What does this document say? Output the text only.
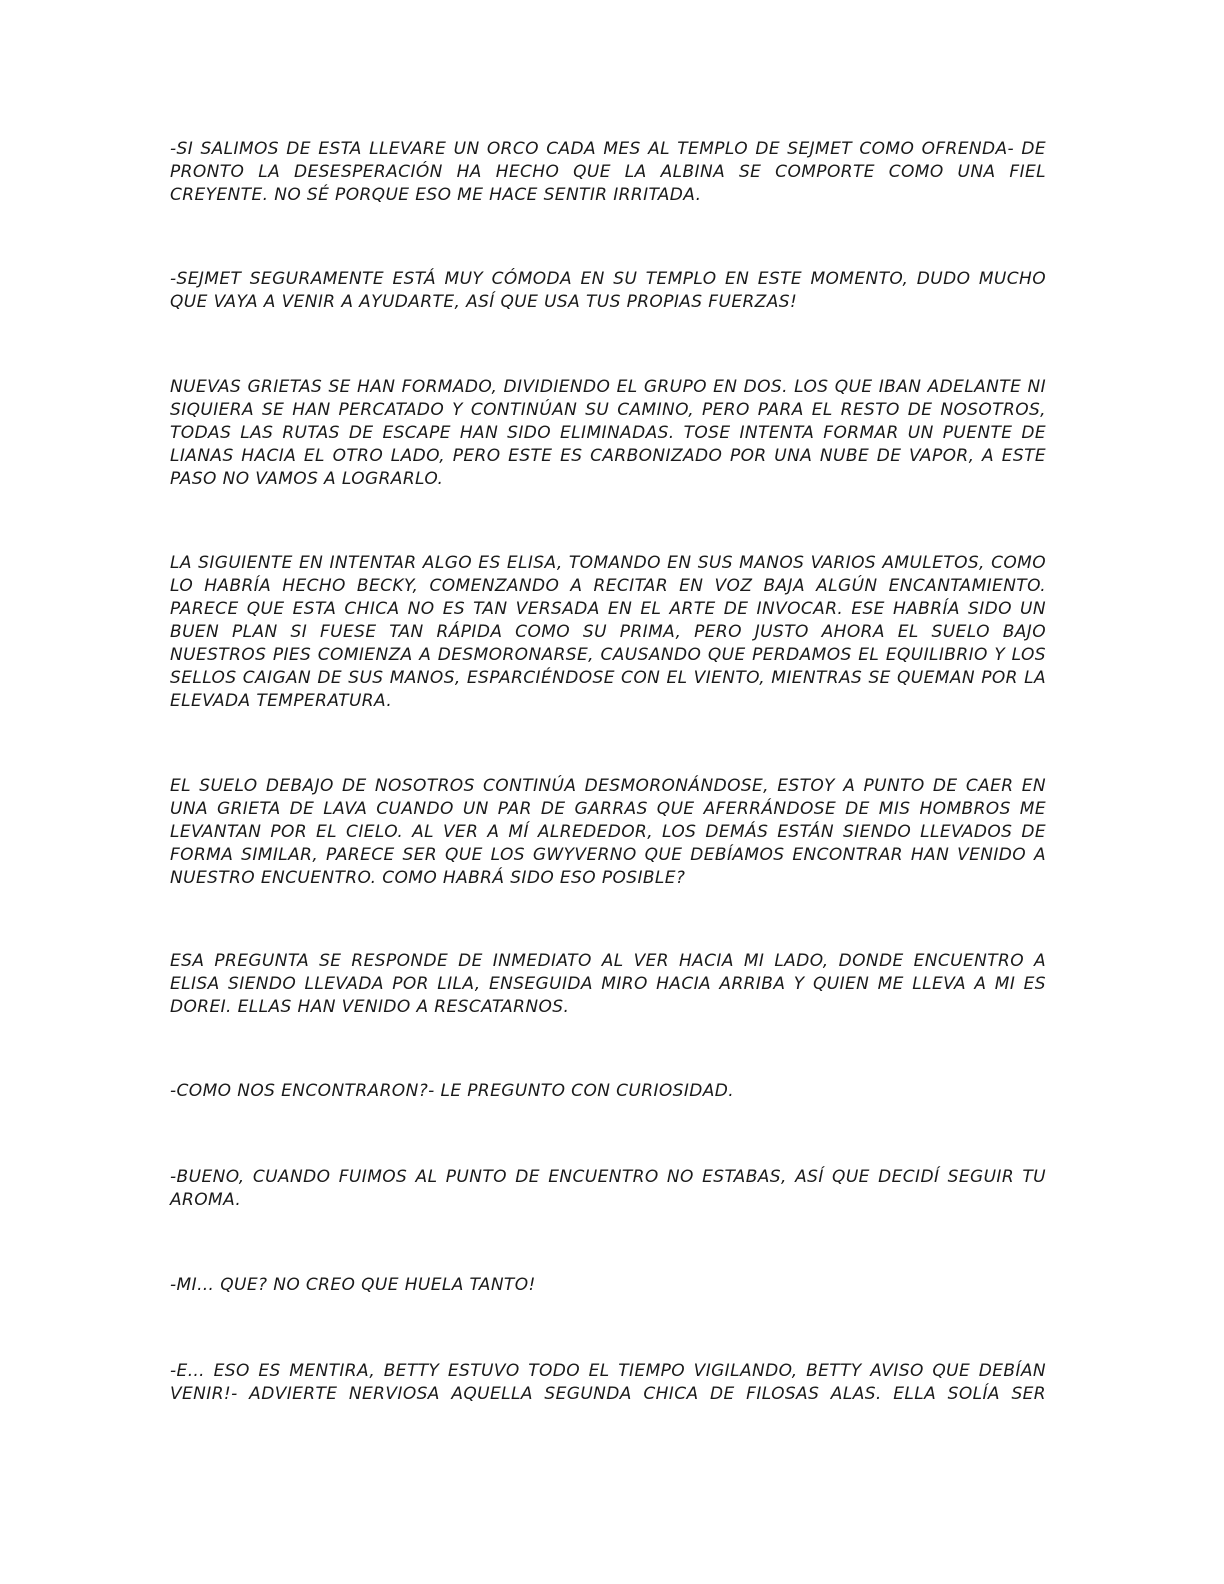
-SI SALIMOS DE ESTA LLEVARE UN ORCO CADA MES AL TEMPLO DE SEJMET COMO OFRENDA- DE PRONTO LA DESESPERACIÓN HA HECHO QUE LA ALBINA SE COMPORTE COMO UNA FIEL CREYENTE. NO SÉ PORQUE ESO ME HACE SENTIR IRRITADA.

-SEJMET SEGURAMENTE ESTÁ MUY CÓMODA EN SU TEMPLO EN ESTE MOMENTO, DUDO MUCHO QUE VAYA A VENIR A AYUDARTE, ASÍ QUE USA TUS PROPIAS FUERZAS!

NUEVAS GRIETAS SE HAN FORMADO, DIVIDIENDO EL GRUPO EN DOS. LOS QUE IBAN ADELANTE NI SIQUIERA SE HAN PERCATADO Y CONTINÚAN SU CAMINO, PERO PARA EL RESTO DE NOSOTROS, TODAS LAS RUTAS DE ESCAPE HAN SIDO ELIMINADAS. TOSE INTENTA FORMAR UN PUENTE DE LIANAS HACIA EL OTRO LADO, PERO ESTE ES CARBONIZADO POR UNA NUBE DE VAPOR, A ESTE PASO NO VAMOS A LOGRARLO.

LA SIGUIENTE EN INTENTAR ALGO ES ELISA, TOMANDO EN SUS MANOS VARIOS AMULETOS, COMO LO HABRÍA HECHO BECKY, COMENZANDO A RECITAR EN VOZ BAJA ALGÚN ENCANTAMIENTO. PARECE QUE ESTA CHICA NO ES TAN VERSADA EN EL ARTE DE INVOCAR. ESE HABRÍA SIDO UN BUEN PLAN SI FUESE TAN RÁPIDA COMO SU PRIMA, PERO JUSTO AHORA EL SUELO BAJO NUESTROS PIES COMIENZA A DESMORONARSE, CAUSANDO QUE PERDAMOS EL EQUILIBRIO Y LOS SELLOS CAIGAN DE SUS MANOS, ESPARCIÉNDOSE CON EL VIENTO, MIENTRAS SE QUEMAN POR LA ELEVADA TEMPERATURA.

EL SUELO DEBAJO DE NOSOTROS CONTINÚA DESMORONÁNDOSE, ESTOY A PUNTO DE CAER EN UNA GRIETA DE LAVA CUANDO UN PAR DE GARRAS QUE AFERRÁNDOSE DE MIS HOMBROS ME LEVANTAN POR EL CIELO. AL VER A MÍ ALREDEDOR, LOS DEMÁS ESTÁN SIENDO LLEVADOS DE FORMA SIMILAR, PARECE SER QUE LOS GWYVERNO QUE DEBÍAMOS ENCONTRAR HAN VENIDO A NUESTRO ENCUENTRO. COMO HABRÁ SIDO ESO POSIBLE?

ESA PREGUNTA SE RESPONDE DE INMEDIATO AL VER HACIA MI LADO, DONDE ENCUENTRO A ELISA SIENDO LLEVADA POR LILA, ENSEGUIDA MIRO HACIA ARRIBA Y QUIEN ME LLEVA A MI ES DOREI. ELLAS HAN VENIDO A RESCATARNOS.

-COMO NOS ENCONTRARON?- LE PREGUNTO CON CURIOSIDAD.

-BUENO, CUANDO FUIMOS AL PUNTO DE ENCUENTRO NO ESTABAS, ASÍ QUE DECIDÍ SEGUIR TU AROMA.

-MI… QUE? NO CREO QUE HUELA TANTO!

-E… ESO ES MENTIRA, BETTY ESTUVO TODO EL TIEMPO VIGILANDO, BETTY AVISO QUE DEBÍAN VENIR!- ADVIERTE NERVIOSA AQUELLA SEGUNDA CHICA DE FILOSAS ALAS. ELLA SOLÍA SER
